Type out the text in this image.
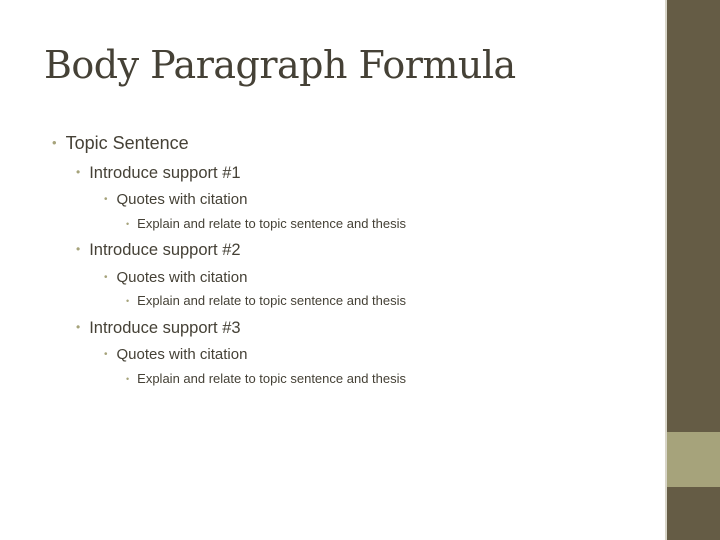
Body Paragraph Formula
• Topic Sentence
• Introduce support #1
• Quotes with citation
• Explain and relate to topic sentence and thesis
• Introduce support #2
• Quotes with citation
• Explain and relate to topic sentence and thesis
• Introduce support #3
• Quotes with citation
• Explain and relate to topic sentence and thesis
